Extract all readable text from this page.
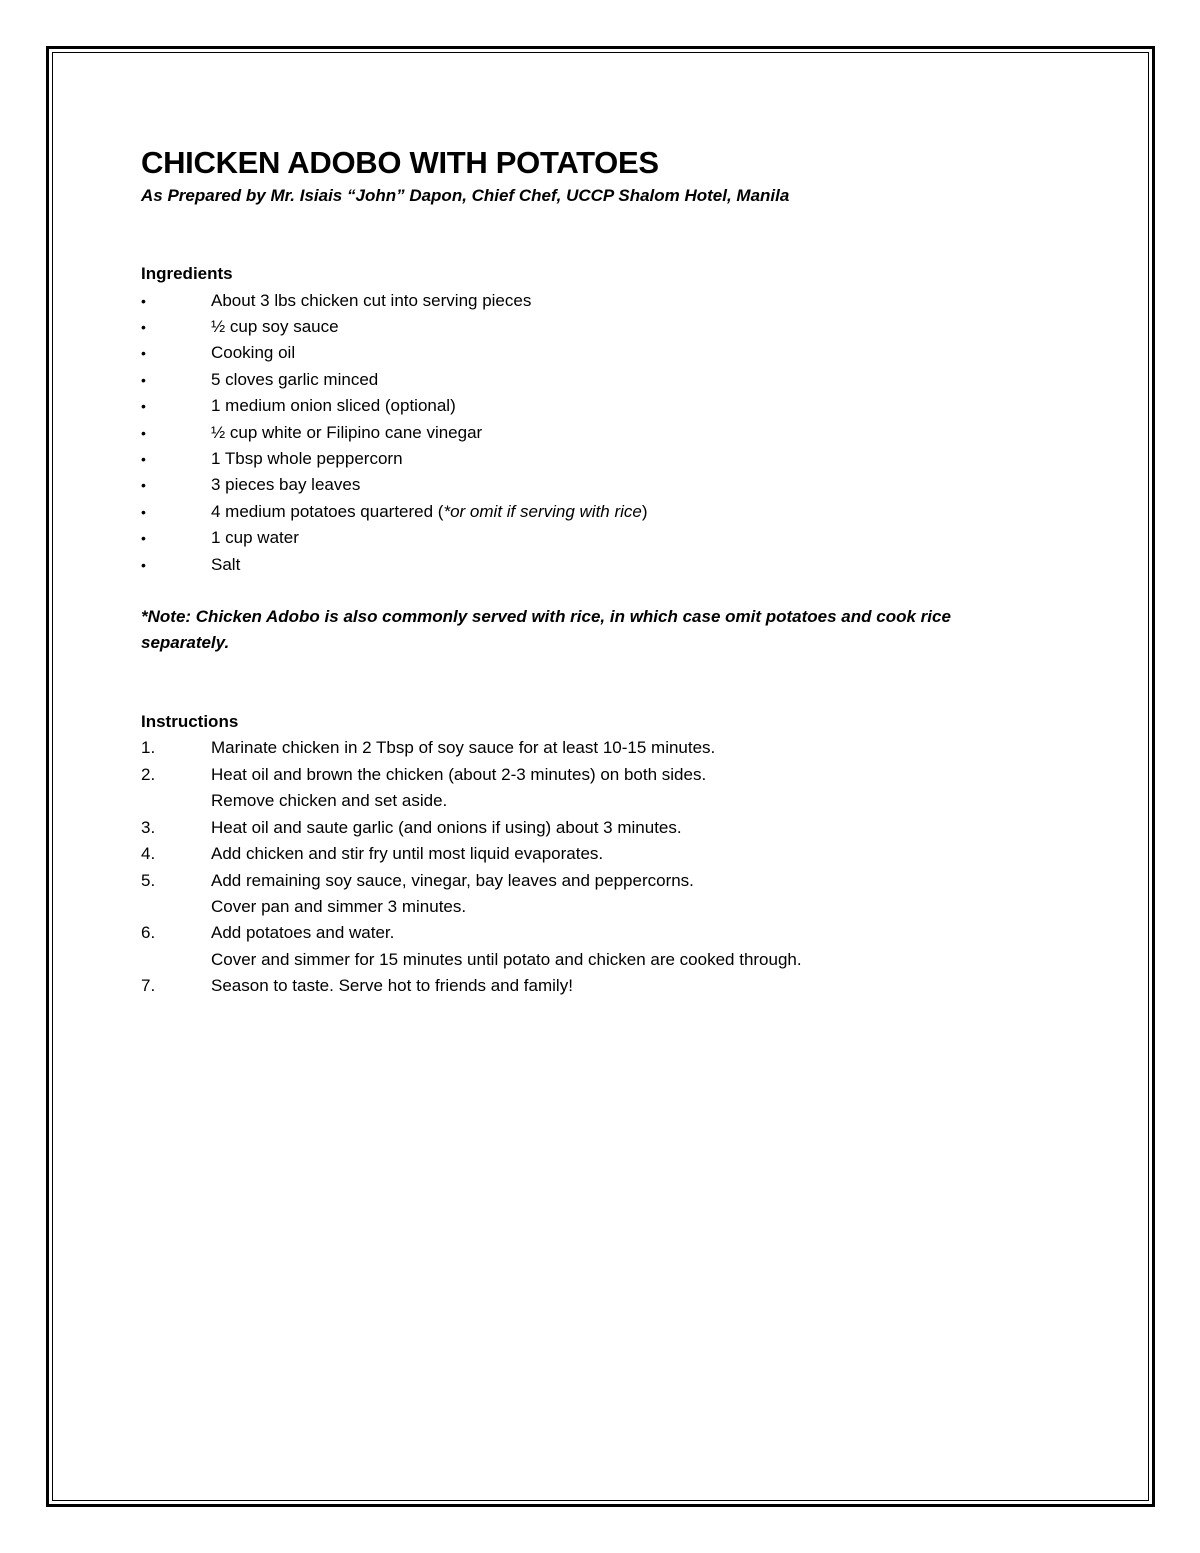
CHICKEN ADOBO WITH POTATOES

As Prepared by Mr. Isiais “John” Dapon, Chief Chef, UCCP Shalom Hotel, Manila

Ingredients

•	About 3 lbs chicken cut into serving pieces
•	½ cup soy sauce
•	Cooking oil
•	5 cloves garlic minced
•	1 medium onion sliced (optional)
•	½ cup white or Filipino cane vinegar
•	1 Tbsp whole peppercorn
•	3 pieces bay leaves
•	4 medium potatoes quartered (*or omit if serving with rice)
•	1 cup water
•	Salt

*Note: Chicken Adobo is also commonly served with rice, in which case omit potatoes and cook rice separately.

Instructions

1.	Marinate chicken in 2 Tbsp of soy sauce for at least 10-15 minutes.
2.	Heat oil and brown the chicken (about 2-3 minutes) on both sides.
Remove chicken and set aside.
3.	Heat oil and saute garlic (and onions if using) about 3 minutes.
4.	Add chicken and stir fry until most liquid evaporates.
5.	Add remaining soy sauce, vinegar, bay leaves and peppercorns.
Cover pan and simmer 3 minutes.
6.	Add potatoes and water.
Cover and simmer for 15 minutes until potato and chicken are cooked through.
7.	Season to taste. Serve hot to friends and family!
